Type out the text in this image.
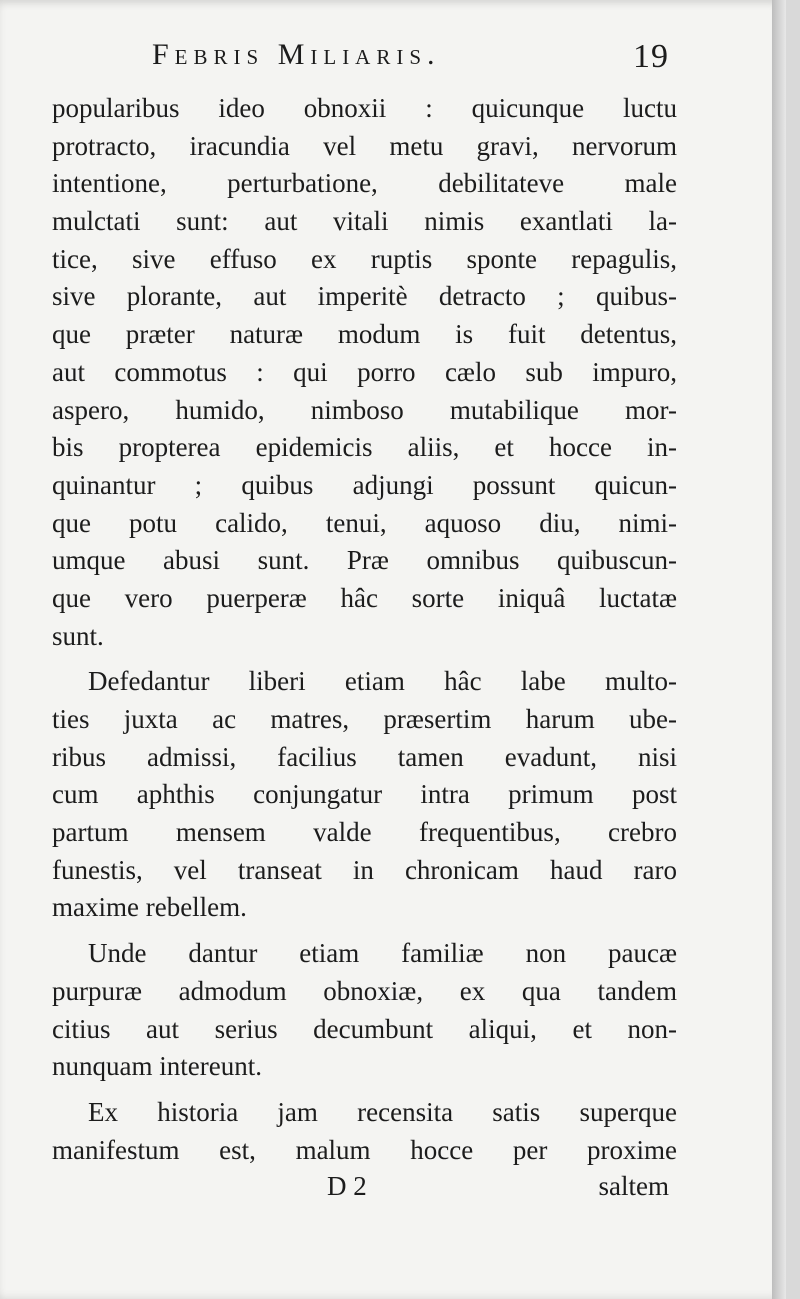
Febris Miliaris.	19
popularibus ideo obnoxii : quicunque luctu
protracto, iracundia vel metu gravi, nervorum
intentione, perturbatione, debilitateve male
mulctati sunt: aut vitali nimis exantlati la-
tice, sive effuso ex ruptis sponte repagulis,
sive plorante, aut imperitè detracto ; quibus-
que præter naturæ modum is fuit detentus,
aut commotus : qui porro cælo sub impuro,
aspero, humido, nimboso mutabilique mor-
bis propterea epidemicis aliis, et hocce in-
quinantur ; quibus adjungi possunt quicun-
que potu calido, tenui, aquoso diu, nimi-
umque abusi sunt. Præ omnibus quibuscun-
que vero puerperæ hâc sorte iniquâ luctatæ
sunt.
Defedantur liberi etiam hâc labe multo-
ties juxta ac matres, præsertim harum ube-
ribus admissi, facilius tamen evadunt, nisi
cum aphthis conjungatur intra primum post
partum mensem valde frequentibus, crebro
funestis, vel transeat in chronicam haud raro
maxime rebellem.
Unde dantur etiam familiæ non paucæ
purpuræ admodum obnoxiæ, ex qua tandem
citius aut serius decumbunt aliqui, et non-
nunquam intereunt.
Ex historia jam recensita satis superque
manifestum est, malum hocce per proxime
D 2	saltem
